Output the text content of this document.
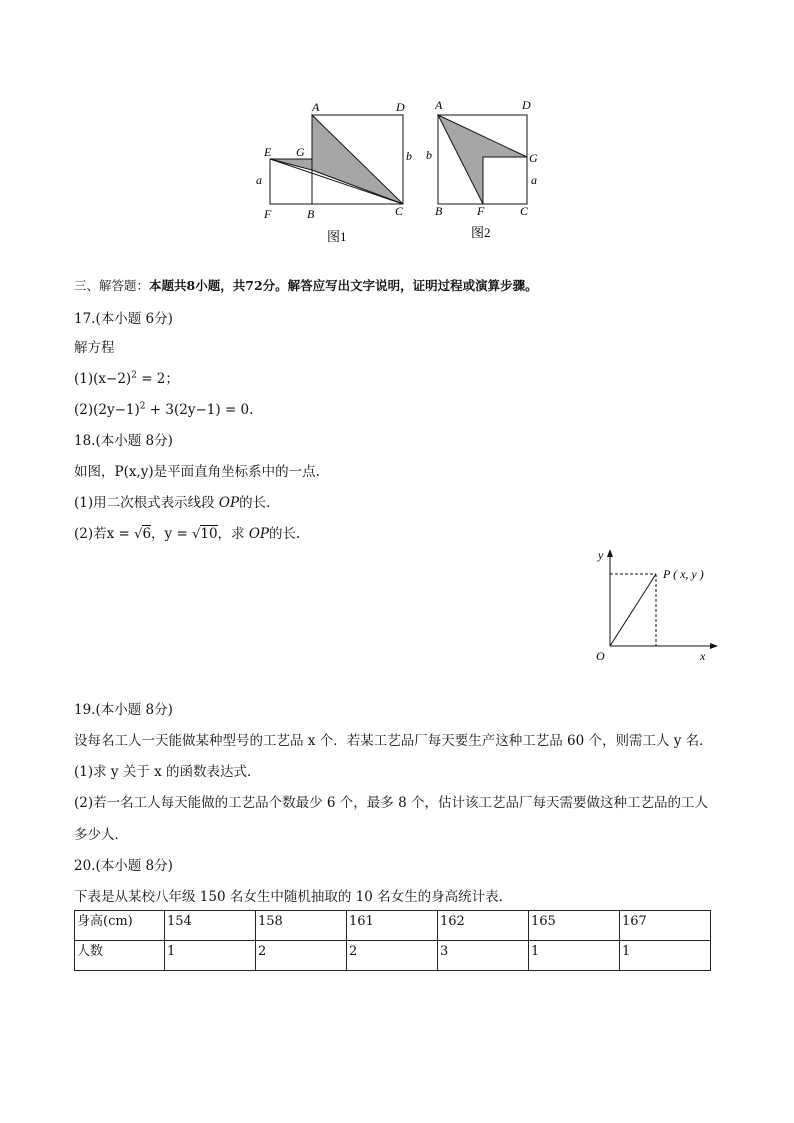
A	D
E G	b
a
F	B	C
图1
A	D
b	G
a
B	F	C
图2
三、解答题：本题共8小题，共72分。解答应写出文字说明，证明过程或演算步骤。
17.(本小题 6分)
解方程
$(1)(x-2)^2 = 2$；
$(2)(2y-1)^2 + 3(2y-1) = 0$.
18.(本小题 8分)
如图，P(x,y)是平面直角坐标系中的一点.
(1)用二次根式表示线段 OP的长.
(2)若x = √6，y = √10，求 OP的长.
y
x
O
P ( x, y )
19.(本小题 8分)
设每名工人一天能做某种型号的工艺品 x 个．若某工艺品厂每天要生产这种工艺品 60 个，则需工人 y 名．
(1)求 y 关于 x 的函数表达式．
(2)若一名工人每天能做的工艺品个数最少 6 个，最多 8 个，估计该工艺品厂每天需要做这种工艺品的工人
多少人．
20.(本小题 8分)
下表是从某校八年级 150 名女生中随机抽取的 10 名女生的身高统计表.
身高(cm)	154	158	161	162	165	167
人数	1	2	2	3	1	1
